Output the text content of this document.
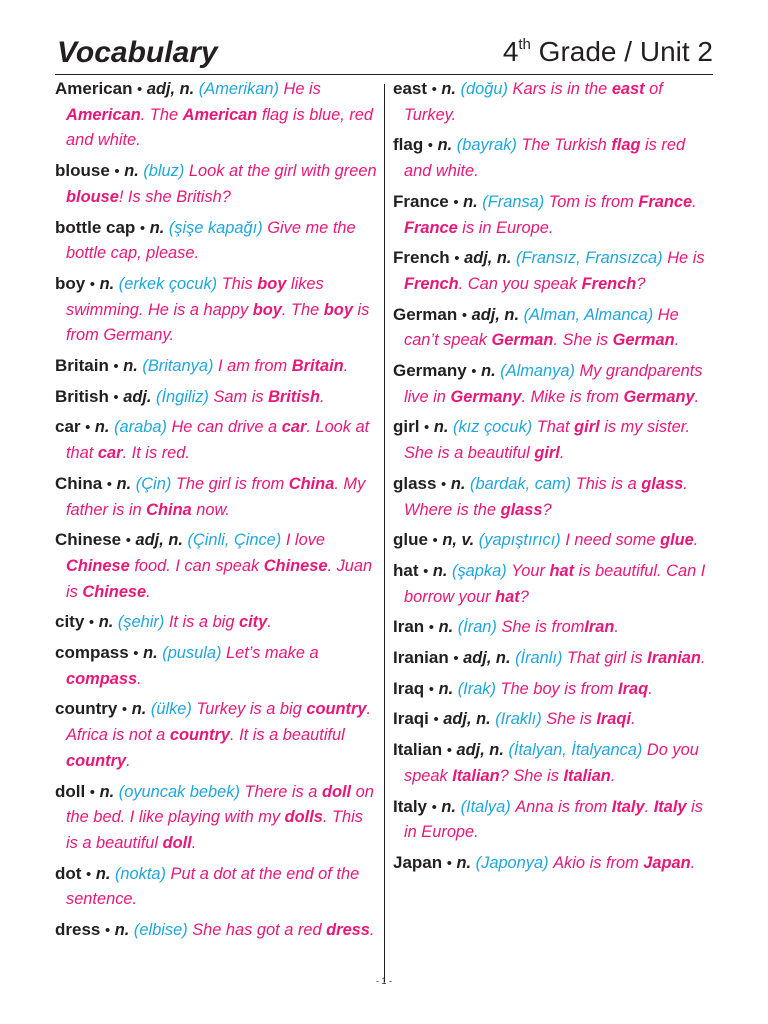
Vocabulary	4th Grade / Unit 2
American • adj, n. (Amerikan) He is American. The American flag is blue, red and white.
blouse • n. (bluz) Look at the girl with green blouse! Is she British?
bottle cap • n. (şişe kapağı) Give me the bottle cap, please.
boy • n. (erkek çocuk) This boy likes swimming. He is a happy boy. The boy is from Germany.
Britain • n. (Britanya) I am from Britain.
British • adj. (İngiliz) Sam is British.
car • n. (araba) He can drive a car. Look at that car. It is red.
China • n. (Çin) The girl is from China. My father is in China now.
Chinese • adj, n. (Çinli, Çince) I love Chinese food. I can speak Chinese. Juan is Chinese.
city • n. (şehir) It is a big city.
compass • n. (pusula) Let’s make a compass.
country • n. (ülke) Turkey is a big country. Africa is not a country. It is a beautiful country.
doll • n. (oyuncak bebek) There is a doll on the bed. I like playing with my dolls. This is a beautiful doll.
dot • n. (nokta) Put a dot at the end of the sentence.
dress • n. (elbise) She has got a red dress.
east • n. (doğu) Kars is in the east of Turkey.
flag • n. (bayrak) The Turkish flag is red and white.
France • n. (Fransa) Tom is from France. France is in Europe.
French • adj, n. (Fransız, Fransızca) He is French. Can you speak French?
German • adj, n. (Alman, Almanca) He can’t speak German. She is German.
Germany • n. (Almanya) My grandparents live in Germany. Mike is from Germany.
girl • n. (kız çocuk) That girl is my sister. She is a beautiful girl.
glass • n. (bardak, cam) This is a glass. Where is the glass?
glue • n, v. (yapıştırıcı) I need some glue.
hat • n. (şapka) Your hat is beautiful. Can I borrow your hat?
Iran • n. (İran) She is fromIran.
Iranian • adj, n. (İranlı) That girl is Iranian.
Iraq • n. (Irak) The boy is from Iraq.
Iraqi • adj, n. (Iraklı) She is Iraqi.
Italian • adj, n. (İtalyan, İtalyanca) Do you speak Italian? She is Italian.
Italy • n. (Italya) Anna is from Italy. Italy is in Europe.
Japan • n. (Japonya) Akio is from Japan.
- 1 -
